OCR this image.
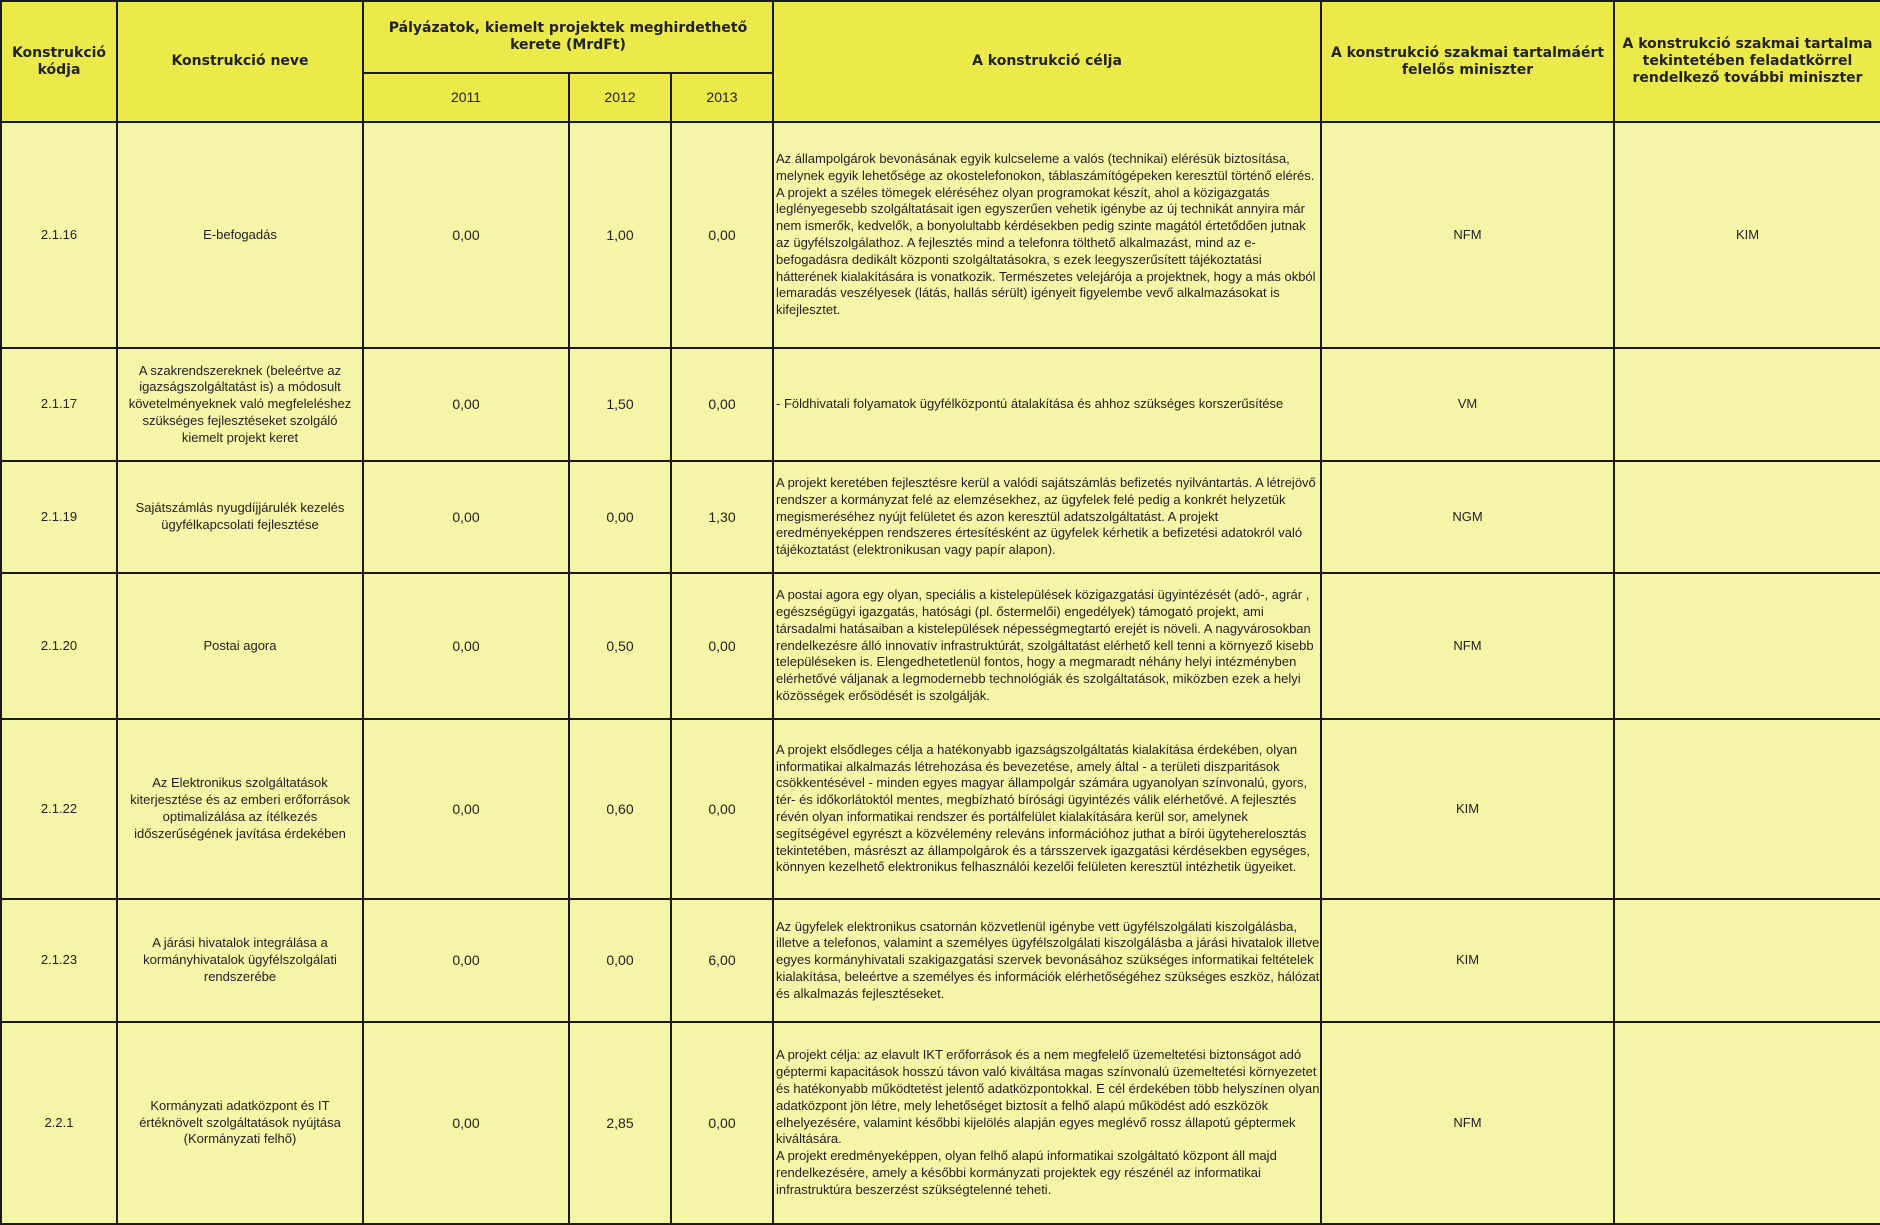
Konstrukció kódja	Konstrukció neve	Pályázatok, kiemelt projektek meghirdethető kerete (MrdFt)			A konstrukció célja	A konstrukció szakmai tartalmáért felelős miniszter	A konstrukció szakmai tartalma tekintetében feladatkörrel rendelkező további miniszter
		2011	2012	2013			
2.1.16	E-befogadás	0,00	1,00	0,00	Az állampolgárok bevonásának egyik kulcseleme a valós (technikai) elérésük biztosítása, melynek egyik lehetősége az okostelefonokon, táblaszámítógépeken keresztül történő elérés. A projekt a széles tömegek eléréséhez olyan programokat készít, ahol a közigazgatás leglényegesebb szolgáltatásait igen egyszerűen vehetik igénybe az új technikát annyira már nem ismerők, kedvelők, a bonyolultabb kérdésekben pedig szinte magától értetődően jutnak az ügyfélszolgálathoz. A fejlesztés mind a telefonra tölthető alkalmazást, mind az e-befogadásra dedikált központi szolgáltatásokra, s ezek leegyszerűsített tájékoztatási hátterének kialakítására is vonatkozik. Természetes velejárója a projektnek, hogy a más okból lemaradás veszélyesek (látás, hallás sérült) igényeit figyelembe vevő alkalmazásokat is kifejlesztet.	NFM	KIM
2.1.17	A szakrendszereknek (beleértve az igazságszolgáltatást is) a módosult követelményeknek való megfeleléshez szükséges fejlesztéseket szolgáló kiemelt projekt keret	0,00	1,50	0,00	- Földhivatali folyamatok ügyfélközpontú átalakítása és ahhoz szükséges korszerűsítése	VM	
2.1.19	Sajátszámlás nyugdíjjárulék kezelés ügyfélkapcsolati fejlesztése	0,00	0,00	1,30	A projekt keretében fejlesztésre kerül a valódi sajátszámlás befizetés nyilvántartás. A létrejövő rendszer a kormányzat felé az elemzésekhez, az ügyfelek felé pedig a konkrét helyzetük megismeréséhez nyújt felületet és azon keresztül adatszolgáltatást. A projekt eredményeképpen rendszeres értesítésként az ügyfelek kérhetik a befizetési adatokról való tájékoztatást (elektronikusan vagy papír alapon).	NGM	
2.1.20	Postai agora	0,00	0,50	0,00	A postai agora egy olyan, speciális a kistelepülések közigazgatási ügyintézését (adó-, agrár , egészségügyi igazgatás, hatósági (pl. őstermelői) engedélyek) támogató projekt, ami társadalmi hatásaiban a kistelepülések népességmegtartó erejét is növeli. A nagyvárosokban rendelkezésre álló innovatív infrastruktúrát, szolgáltatást elérhető kell tenni a környező kisebb településeken is. Elengedhetetlenül fontos, hogy a megmaradt néhány helyi intézményben elérhetővé váljanak a legmodernebb technológiák és szolgáltatások, miközben ezek a helyi közösségek erősödését is szolgálják.	NFM	
2.1.22	Az Elektronikus szolgáltatások kiterjesztése és az emberi erőforrások optimalizálása az ítélkezés időszerűségének javítása érdekében	0,00	0,60	0,00	A projekt elsődleges célja a hatékonyabb igazságszolgáltatás kialakítása érdekében, olyan informatikai alkalmazás létrehozása és bevezetése, amely által - a területi diszparitások csökkentésével - minden egyes magyar állampolgár számára ugyanolyan színvonalú, gyors, tér- és időkorlátoktól mentes, megbízható bírósági ügyintézés válik elérhetővé. A fejlesztés révén olyan informatikai rendszer és portálfelület kialakítására kerül sor, amelynek segítségével egyrészt a közvélemény releváns információhoz juthat a bírói ügyteherelosztás tekintetében, másrészt az állampolgárok és a társszervek igazgatási kérdésekben egységes, könnyen kezelhető elektronikus felhasználói kezelői felületen keresztül intézhetik ügyeiket.	KIM	
2.1.23	A járási hivatalok integrálása a kormányhivatalok ügyfélszolgálati rendszerébe	0,00	0,00	6,00	Az ügyfelek elektronikus csatornán közvetlenül igénybe vett ügyfélszolgálati kiszolgálásba, illetve a telefonos, valamint a személyes ügyfélszolgálati kiszolgálásba a járási hivatalok illetve egyes kormányhivatali szakigazgatási szervek bevonásához szükséges informatikai feltételek kialakítása, beleértve a személyes és információk elérhetőségéhez szükséges eszköz, hálózat és alkalmazás fejlesztéseket.	KIM	
2.2.1	Kormányzati adatközpont és IT értéknövelt szolgáltatások nyújtása (Kormányzati felhő)	0,00	2,85	0,00	A projekt célja: az elavult IKT erőforrások és a nem megfelelő üzemeltetési biztonságot adó géptermi kapacitások hosszú távon való kiváltása magas színvonalú üzemeltetési környezetet és hatékonyabb működtetést jelentő adatközpontokkal. E cél érdekében több helyszínen olyan adatközpont jön létre, mely lehetőséget biztosít a felhő alapú működést adó eszközök elhelyezésére, valamint későbbi kijelölés alapján egyes meglévő rossz állapotú géptermek kiváltására.
A projekt eredményeképpen, olyan felhő alapú informatikai szolgáltató központ áll majd rendelkezésére, amely a későbbi kormányzati projektek egy részénél az informatikai infrastruktúra beszerzést szükségtelenné teheti.	NFM	
